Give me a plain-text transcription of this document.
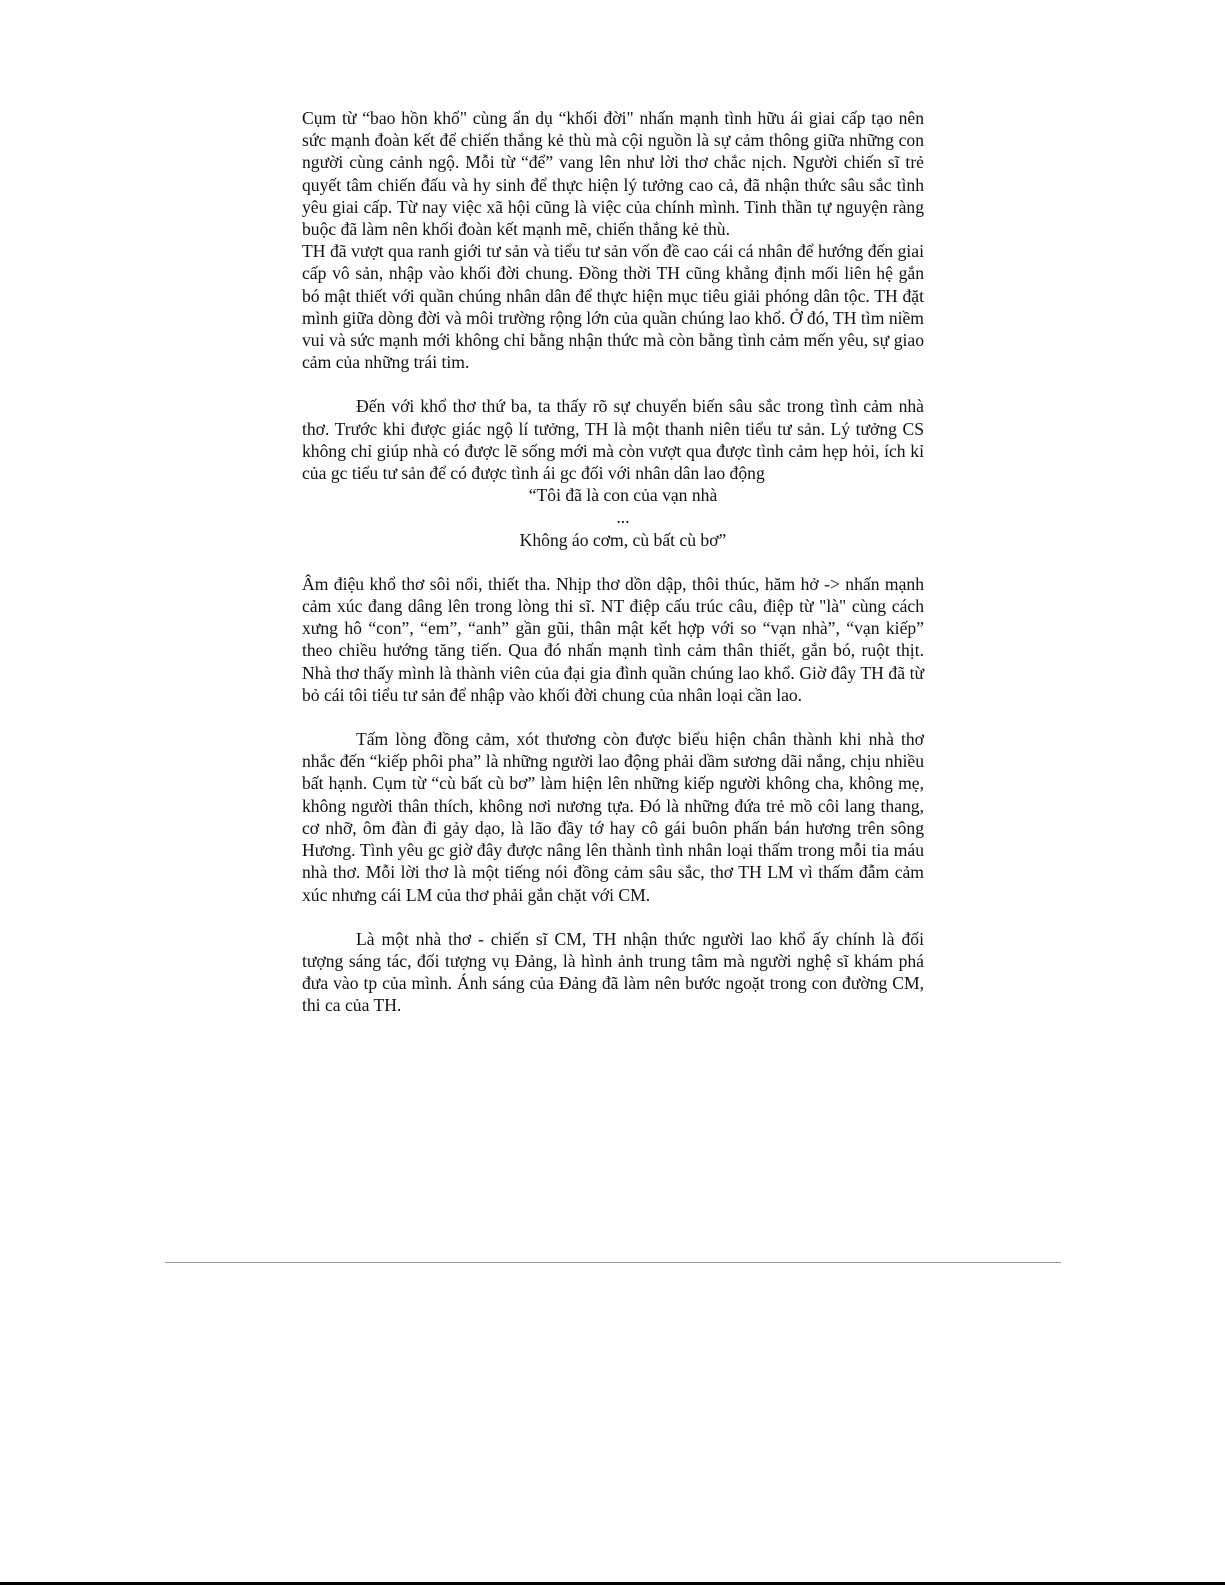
Cụm từ “bao hồn khổ" cùng ẩn dụ “khối đời" nhấn mạnh tình hữu ái giai cấp tạo nên sức mạnh đoàn kết để chiến thắng kẻ thù mà cội nguồn là sự cảm thông giữa những con người cùng cảnh ngộ. Mỗi từ “để” vang lên như lời thơ chắc nịch. Người chiến sĩ trẻ quyết tâm chiến đấu và hy sinh để thực hiện lý tưởng cao cả, đã nhận thức sâu sắc tình yêu giai cấp. Từ nay việc xã hội cũng là việc của chính mình. Tinh thần tự nguyện ràng buộc đã làm nên khối đoàn kết mạnh mẽ, chiến thắng kẻ thù.

TH đã vượt qua ranh giới tư sản và tiểu tư sản vốn đề cao cái cá nhân để hướng đến giai cấp vô sản, nhập vào khối đời chung. Đồng thời TH cũng khẳng định mối liên hệ gắn bó mật thiết với quần chúng nhân dân để thực hiện mục tiêu giải phóng dân tộc. TH đặt mình giữa dòng đời và môi trường rộng lớn của quần chúng lao khổ. Ở đó, TH tìm niềm vui và sức mạnh mới không chỉ bằng nhận thức mà còn bằng tình cảm mến yêu, sự giao cảm của những trái tim.

Đến với khổ thơ thứ ba, ta thấy rõ sự chuyển biến sâu sắc trong tình cảm nhà thơ. Trước khi được giác ngộ lí tưởng, TH là một thanh niên tiểu tư sản. Lý tưởng CS không chỉ giúp nhà có được lẽ sống mới mà còn vượt qua được tình cảm hẹp hỏi, ích kỉ của gc tiểu tư sản để có được tình ái gc đối với nhân dân lao động

“Tôi đã là con của vạn nhà
...
Không áo cơm, cù bất cù bơ”

Âm điệu khổ thơ sôi nổi, thiết tha. Nhịp thơ dồn dập, thôi thúc, hăm hở -> nhấn mạnh cảm xúc đang dâng lên trong lòng thi sĩ. NT điệp cấu trúc câu, điệp từ "là" cùng cách xưng hô “con”, “em”, “anh” gần gũi, thân mật kết hợp với so “vạn nhà”, “vạn kiếp” theo chiều hướng tăng tiến. Qua đó nhấn mạnh tình cảm thân thiết, gắn bó, ruột thịt. Nhà thơ thấy mình là thành viên của đại gia đình quần chúng lao khổ. Giờ đây TH đã từ bỏ cái tôi tiểu tư sản để nhập vào khối đời chung của nhân loại cần lao.

Tấm lòng đồng cảm, xót thương còn được biểu hiện chân thành khi nhà thơ nhắc đến “kiếp phôi pha” là những người lao động phải dầm sương dãi nắng, chịu nhiều bất hạnh. Cụm từ “cù bất cù bơ” làm hiện lên những kiếp người không cha, không mẹ, không người thân thích, không nơi nương tựa. Đó là những đứa trẻ mồ côi lang thang, cơ nhỡ, ôm đàn đi gảy dạo, là lão đầy tớ hay cô gái buôn phấn bán hương trên sông Hương. Tình yêu gc giờ đây được nâng lên thành tình nhân loại thấm trong mỗi tia máu nhà thơ. Mỗi lời thơ là một tiếng nói đồng cảm sâu sắc, thơ TH LM vì thấm đẫm cảm xúc nhưng cái LM của thơ phải gắn chặt với CM.

Là một nhà thơ - chiến sĩ CM, TH nhận thức người lao khổ ấy chính là đối tượng sáng tác, đối tượng vụ Đảng, là hình ảnh trung tâm mà người nghệ sĩ khám phá đưa vào tp của mình. Ánh sáng của Đảng đã làm nên bước ngoặt trong con đường CM, thi ca của TH.
